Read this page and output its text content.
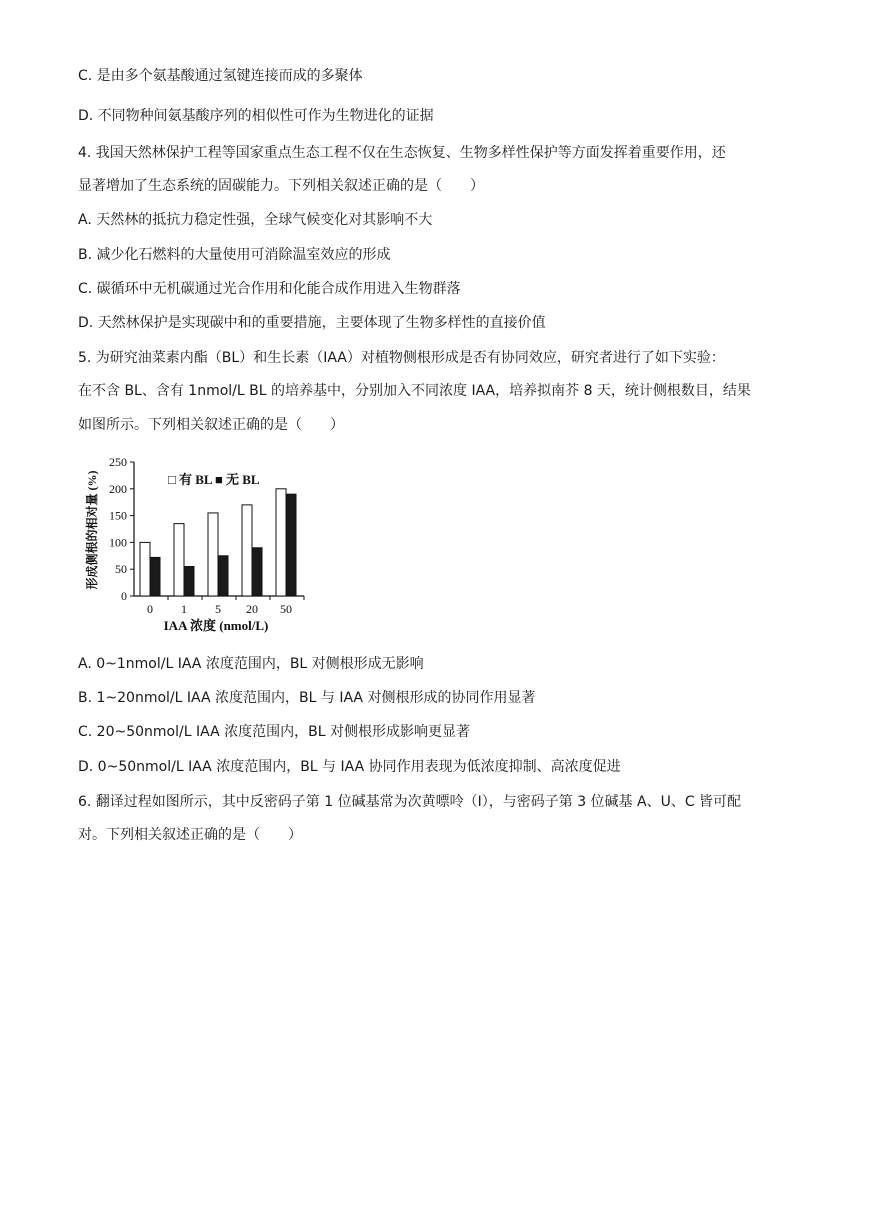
C. 是由多个氨基酸通过氢键连接而成的多聚体
D. 不同物种间氨基酸序列的相似性可作为生物进化的证据
4. 我国天然林保护工程等国家重点生态工程不仅在生态恢复、生物多样性保护等方面发挥着重要作用，还
显著增加了生态系统的固碳能力。下列相关叙述正确的是（　　）
A. 天然林的抵抗力稳定性强，全球气候变化对其影响不大
B. 减少化石燃料的大量使用可消除温室效应的形成
C. 碳循环中无机碳通过光合作用和化能合成作用进入生物群落
D. 天然林保护是实现碳中和的重要措施，主要体现了生物多样性的直接价值
5. 为研究油菜素内酯（BL）和生长素（IAA）对植物侧根形成是否有协同效应，研究者进行了如下实验：
在不含 BL、含有 1nmol/L BL 的培养基中，分别加入不同浓度 IAA，培养拟南芥 8 天，统计侧根数目，结果
如图所示。下列相关叙述正确的是（　　）
A. 0~1nmol/L IAA 浓度范围内，BL 对侧根形成无影响
B. 1~20nmol/L IAA 浓度范围内，BL 与 IAA 对侧根形成的协同作用显著
C. 20~50nmol/L IAA 浓度范围内，BL 对侧根形成影响更显著
D. 0~50nmol/L IAA 浓度范围内，BL 与 IAA 协同作用表现为低浓度抑制、高浓度促进
6. 翻译过程如图所示，其中反密码子第 1 位碱基常为次黄嘌呤（I），与密码子第 3 位碱基 A、U、C 皆可配
对。下列相关叙述正确的是（　　）
0
50
100
150
200
250
0 1 5 20 50
□ 有 BL ■ 无 BL
IAA 浓度 (nmol/L)
形成侧根的相对量 (%)
